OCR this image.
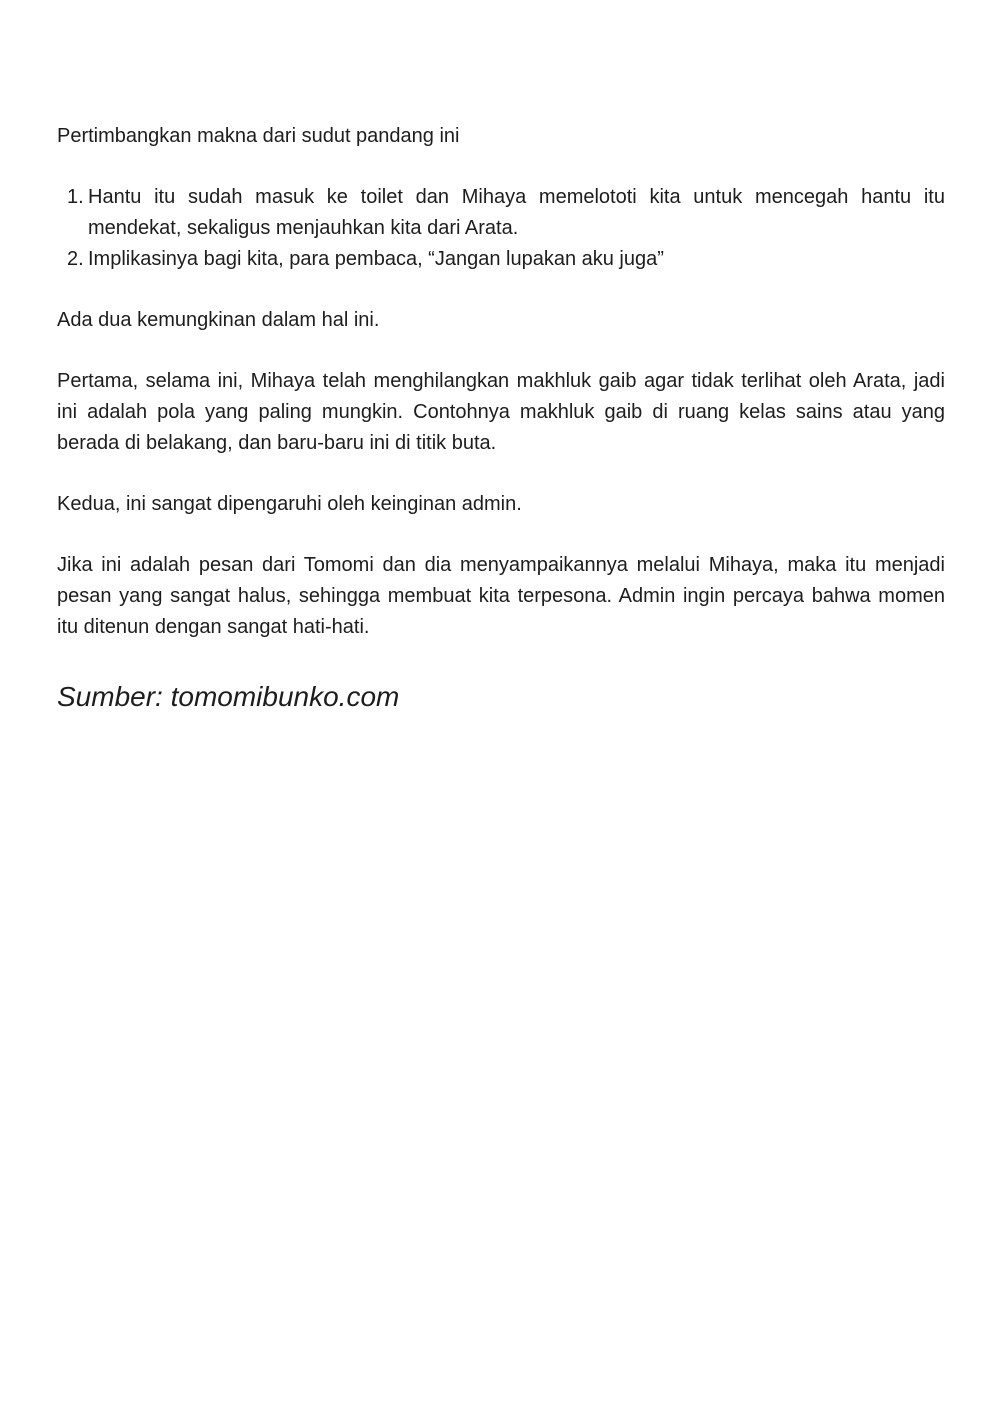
Pertimbangkan makna dari sudut pandang ini

Hantu itu sudah masuk ke toilet dan Mihaya memelototi kita untuk mencegah hantu itu mendekat, sekaligus menjauhkan kita dari Arata.
Implikasinya bagi kita, para pembaca, “Jangan lupakan aku juga”

Ada dua kemungkinan dalam hal ini.

Pertama, selama ini, Mihaya telah menghilangkan makhluk gaib agar tidak terlihat oleh Arata, jadi ini adalah pola yang paling mungkin. Contohnya makhluk gaib di ruang kelas sains atau yang berada di belakang, dan baru-baru ini di titik buta.

Kedua, ini sangat dipengaruhi oleh keinginan admin.

Jika ini adalah pesan dari Tomomi dan dia menyampaikannya melalui Mihaya, maka itu menjadi pesan yang sangat halus, sehingga membuat kita terpesona. Admin ingin percaya bahwa momen itu ditenun dengan sangat hati-hati.

Sumber: tomomibunko.com
